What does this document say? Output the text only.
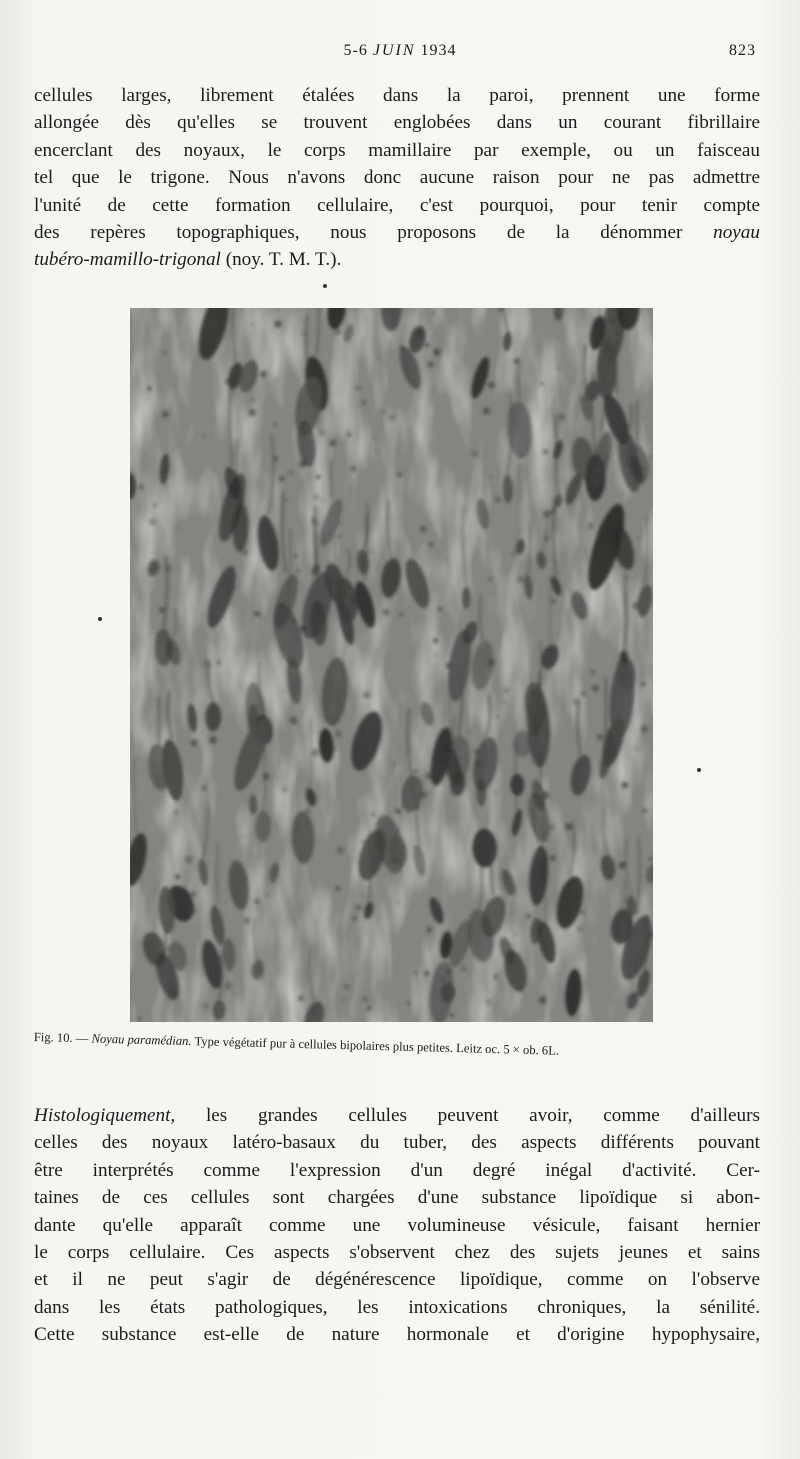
5-6 JUIN 1934	823
cellules larges, librement étalées dans la paroi, prennent une forme
allongée dès qu'elles se trouvent englobées dans un courant fibrillaire
encerclant des noyaux, le corps mamillaire par exemple, ou un faisceau
tel que le trigone. Nous n'avons donc aucune raison pour ne pas admettre
l'unité de cette formation cellulaire, c'est pourquoi, pour tenir compte
des repères topographiques, nous proposons de la dénommer noyau
tubéro-mamillo-trigonal (noy. T. M. T.).
Fig. 10. — Noyau paramédian. Type végétatif pur à cellules bipolaires plus petites. Leitz oc. 5 × ob. 6L.
Histologiquement, les grandes cellules peuvent avoir, comme d'ailleurs
celles des noyaux latéro-basaux du tuber, des aspects différents pouvant
être interprétés comme l'expression d'un degré inégal d'activité. Cer-
taines de ces cellules sont chargées d'une substance lipoïdique si abon-
dante qu'elle apparaît comme une volumineuse vésicule, faisant hernier
le corps cellulaire. Ces aspects s'observent chez des sujets jeunes et sains
et il ne peut s'agir de dégénérescence lipoïdique, comme on l'observe
dans les états pathologiques, les intoxications chroniques, la sénilité.
Cette substance est-elle de nature hormonale et d'origine hypophysaire,
